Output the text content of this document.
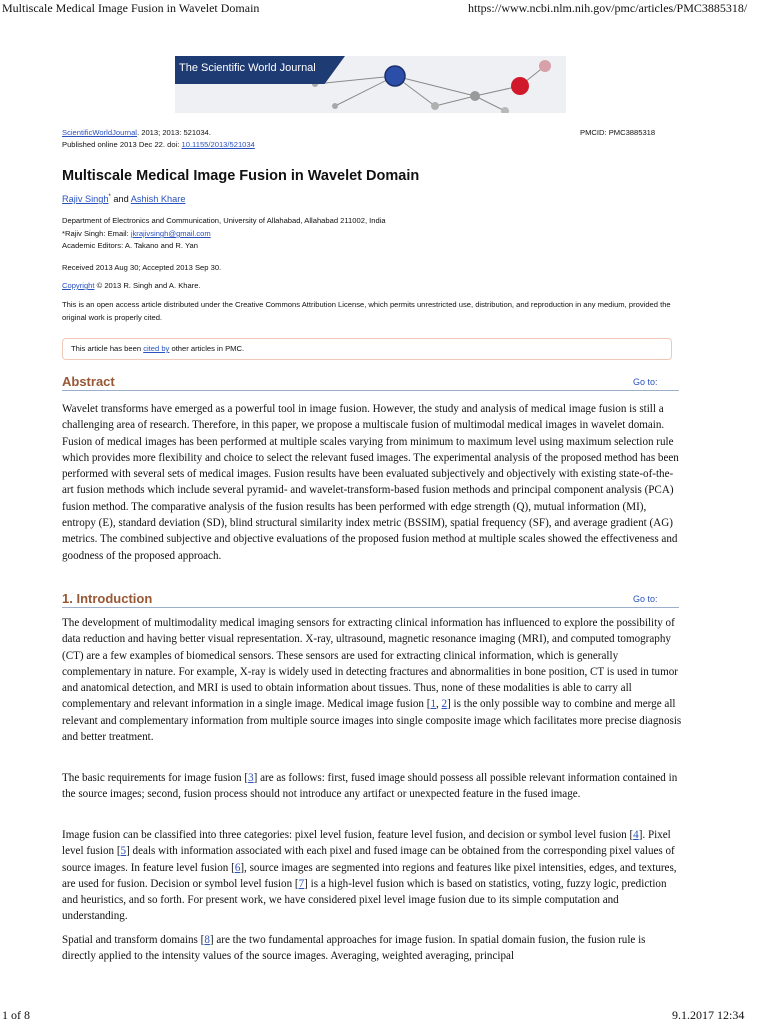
Multiscale Medical Image Fusion in Wavelet Domain	https://www.ncbi.nlm.nih.gov/pmc/articles/PMC3885318/
The Scientific World Journal
ScientificWorldJournal. 2013; 2013: 521034.	PMCID: PMC3885318
Published online 2013 Dec 22. doi: 10.1155/2013/521034
Multiscale Medical Image Fusion in Wavelet Domain
Rajiv Singh* and Ashish Khare
Department of Electronics and Communication, University of Allahabad, Allahabad 211002, India
*Rajiv Singh: Email: jkrajivsingh@gmail.com
Academic Editors: A. Takano and R. Yan
Received 2013 Aug 30; Accepted 2013 Sep 30.
Copyright © 2013 R. Singh and A. Khare.
This is an open access article distributed under the Creative Commons Attribution License, which permits unrestricted use, distribution, and reproduction in any medium, provided the original work is properly cited.
This article has been cited by other articles in PMC.
Abstract	Go to:
Wavelet transforms have emerged as a powerful tool in image fusion. However, the study and analysis of medical image fusion is still a challenging area of research. Therefore, in this paper, we propose a multiscale fusion of multimodal medical images in wavelet domain. Fusion of medical images has been performed at multiple scales varying from minimum to maximum level using maximum selection rule which provides more flexibility and choice to select the relevant fused images. The experimental analysis of the proposed method has been performed with several sets of medical images. Fusion results have been evaluated subjectively and objectively with existing state-of-the-art fusion methods which include several pyramid- and wavelet-transform-based fusion methods and principal component analysis (PCA) fusion method. The comparative analysis of the fusion results has been performed with edge strength (Q), mutual information (MI), entropy (E), standard deviation (SD), blind structural similarity index metric (BSSIM), spatial frequency (SF), and average gradient (AG) metrics. The combined subjective and objective evaluations of the proposed fusion method at multiple scales showed the effectiveness and goodness of the proposed approach.
1. Introduction	Go to:

The development of multimodality medical imaging sensors for extracting clinical information has influenced to explore the possibility of data reduction and having better visual representation. X-ray, ultrasound, magnetic resonance imaging (MRI), and computed tomography (CT) are a few examples of biomedical sensors. These sensors are used for extracting clinical information, which is generally complementary in nature. For example, X-ray is widely used in detecting fractures and abnormalities in bone position, CT is used in tumor and anatomical detection, and MRI is used to obtain information about tissues. Thus, none of these modalities is able to carry all complementary and relevant information in a single image. Medical image fusion [1, 2] is the only possible way to combine and merge all relevant and complementary information from multiple source images into single composite image which facilitates more precise diagnosis and better treatment.

The basic requirements for image fusion [3] are as follows: first, fused image should possess all possible relevant information contained in the source images; second, fusion process should not introduce any artifact or unexpected feature in the fused image.

Image fusion can be classified into three categories: pixel level fusion, feature level fusion, and decision or symbol level fusion [4]. Pixel level fusion [5] deals with information associated with each pixel and fused image can be obtained from the corresponding pixel values of source images. In feature level fusion [6], source images are segmented into regions and features like pixel intensities, edges, and textures, are used for fusion. Decision or symbol level fusion [7] is a high-level fusion which is based on statistics, voting, fuzzy logic, prediction and heuristics, and so forth. For present work, we have considered pixel level image fusion due to its simple computation and understanding.

Spatial and transform domains [8] are the two fundamental approaches for image fusion. In spatial domain fusion, the fusion rule is directly applied to the intensity values of the source images. Averaging, weighted averaging, principal

1 of 8	9.1.2017 12:34
